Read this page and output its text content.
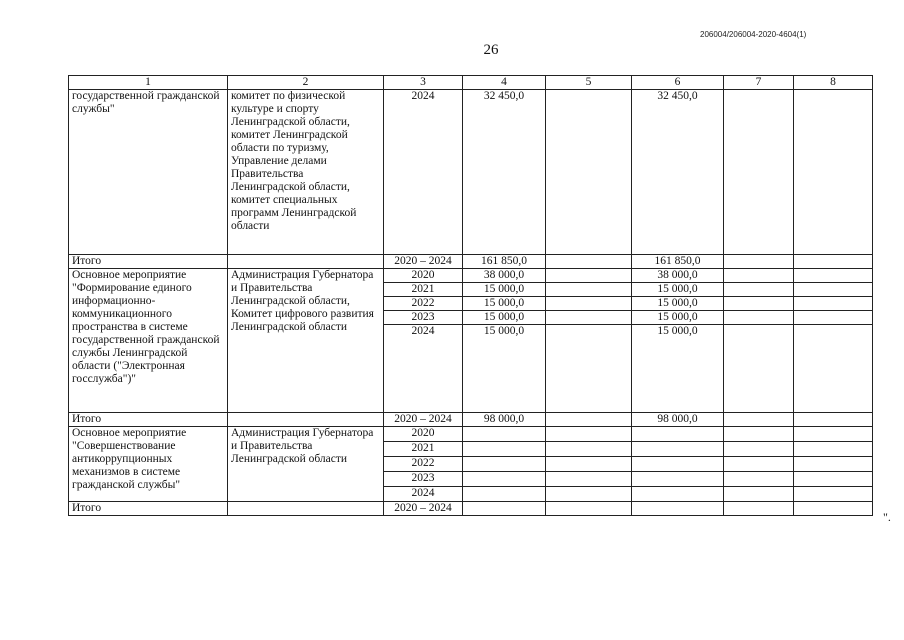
206004/206004-2020-4604(1)
26
1	2	3	4	5	6	7	8
государственной гражданской службы"	комитет по физической культуре и спорту Ленинградской области, комитет Ленинградской области по туризму, Управление делами Правительства Ленинградской области, комитет специальных программ Ленинградской области	2024	32 450,0		32 450,0		
Итого		2020 – 2024	161 850,0		161 850,0		
Основное мероприятие "Формирование единого информационно-коммуникационного пространства в системе государственной гражданской службы Ленинградской области ("Электронная госслужба")"	Администрация Губернатора и Правительства Ленинградской области, Комитет цифрового развития Ленинградской области	2020	38 000,0		38 000,0		
		2021	15 000,0		15 000,0		
		2022	15 000,0		15 000,0		
		2023	15 000,0		15 000,0		
		2024	15 000,0		15 000,0		
Итого		2020 – 2024	98 000,0		98 000,0		
Основное мероприятие "Совершенствование антикоррупционных механизмов в системе гражданской службы"	Администрация Губернатора и Правительства Ленинградской области	2020					
		2021					
		2022					
		2023					
		2024					
Итого		2020 – 2024					
".
